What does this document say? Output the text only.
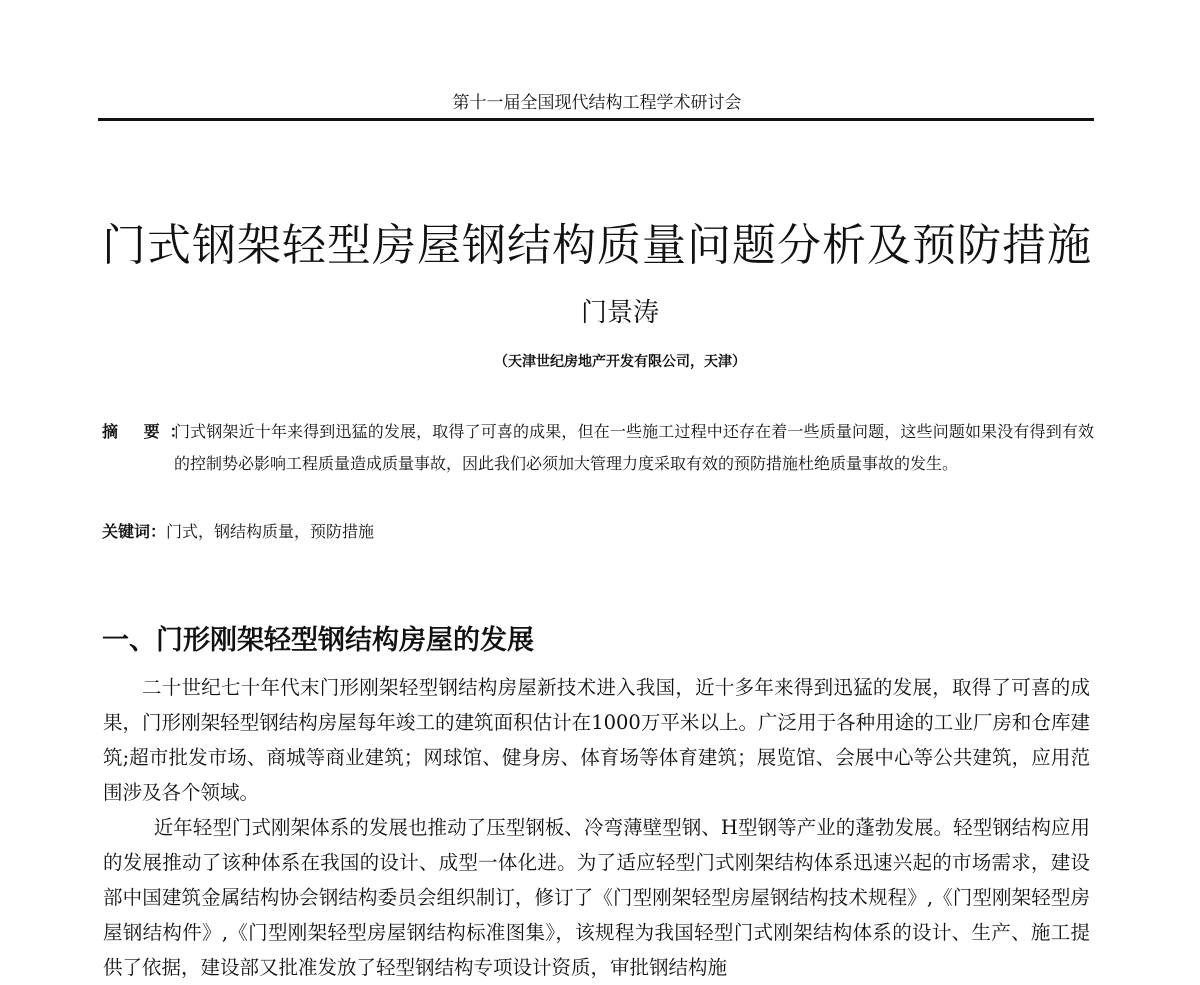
第十一届全国现代结构工程学术研讨会
门式钢架轻型房屋钢结构质量问题分析及预防措施
门景涛
（天津世纪房地产开发有限公司，天津）
摘 要：
门式钢架近十年来得到迅猛的发展，取得了可喜的成果，但在一些施工过程中还存在着一些质量问题，这些问题如果没有得到有效的控制势必影响工程质量造成质量事故，因此我们必须加大管理力度采取有效的预防措施杜绝质量事故的发生。
关键词：门式，钢结构质量，预防措施
一、门形刚架轻型钢结构房屋的发展

二十世纪七十年代末门形刚架轻型钢结构房屋新技术进入我国，近十多年来得到迅猛的发展，取得了可喜的成果，门形刚架轻型钢结构房屋每年竣工的建筑面积估计在1000万平米以上。广泛用于各种用途的工业厂房和仓库建筑;超市批发市场、商城等商业建筑；网球馆、健身房、体育场等体育建筑；展览馆、会展中心等公共建筑，应用范围涉及各个领域。

近年轻型门式刚架体系的发展也推动了压型钢板、冷弯薄壁型钢、H型钢等产业的蓬勃发展。轻型钢结构应用的发展推动了该种体系在我国的设计、成型一体化进。为了适应轻型门式刚架结构体系迅速兴起的市场需求，建设部中国建筑金属结构协会钢结构委员会组织制订，修订了《门型刚架轻型房屋钢结构技术规程》,《门型刚架轻型房屋钢结构件》,《门型刚架轻型房屋钢结构标准图集》，该规程为我国轻型门式刚架结构体系的设计、生产、施工提供了依据，建设部又批准发放了轻型钢结构专项设计资质，审批钢结构施
